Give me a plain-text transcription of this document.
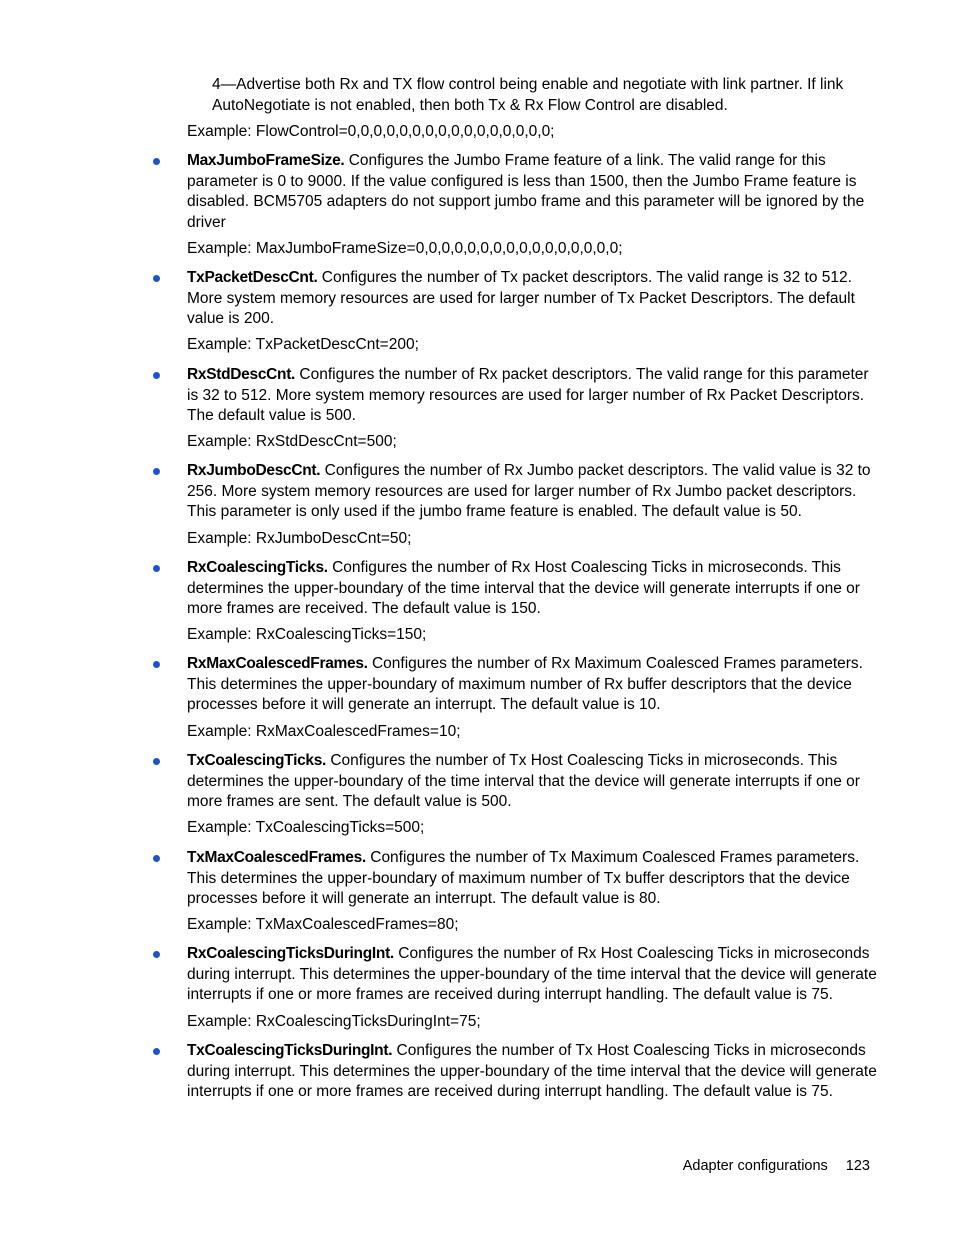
4—Advertise both Rx and TX flow control being enable and negotiate with link partner. If link AutoNegotiate is not enabled, then both Tx & Rx Flow Control are disabled.
Example: FlowControl=0,0,0,0,0,0,0,0,0,0,0,0,0,0,0,0;
MaxJumboFrameSize. Configures the Jumbo Frame feature of a link. The valid range for this parameter is 0 to 9000. If the value configured is less than 1500, then the Jumbo Frame feature is disabled. BCM5705 adapters do not support jumbo frame and this parameter will be ignored by the driver
Example: MaxJumboFrameSize=0,0,0,0,0,0,0,0,0,0,0,0,0,0,0,0;
TxPacketDescCnt. Configures the number of Tx packet descriptors. The valid range is 32 to 512. More system memory resources are used for larger number of Tx Packet Descriptors. The default value is 200.
Example: TxPacketDescCnt=200;
RxStdDescCnt. Configures the number of Rx packet descriptors. The valid range for this parameter is 32 to 512. More system memory resources are used for larger number of Rx Packet Descriptors. The default value is 500.
Example: RxStdDescCnt=500;
RxJumboDescCnt. Configures the number of Rx Jumbo packet descriptors. The valid value is 32 to 256. More system memory resources are used for larger number of Rx Jumbo packet descriptors. This parameter is only used if the jumbo frame feature is enabled. The default value is 50.
Example: RxJumboDescCnt=50;
RxCoalescingTicks. Configures the number of Rx Host Coalescing Ticks in microseconds. This determines the upper-boundary of the time interval that the device will generate interrupts if one or more frames are received. The default value is 150.
Example: RxCoalescingTicks=150;
RxMaxCoalescedFrames. Configures the number of Rx Maximum Coalesced Frames parameters. This determines the upper-boundary of maximum number of Rx buffer descriptors that the device processes before it will generate an interrupt. The default value is 10.
Example: RxMaxCoalescedFrames=10;
TxCoalescingTicks. Configures the number of Tx Host Coalescing Ticks in microseconds. This determines the upper-boundary of the time interval that the device will generate interrupts if one or more frames are sent. The default value is 500.
Example: TxCoalescingTicks=500;
TxMaxCoalescedFrames. Configures the number of Tx Maximum Coalesced Frames parameters. This determines the upper-boundary of maximum number of Tx buffer descriptors that the device processes before it will generate an interrupt. The default value is 80.
Example: TxMaxCoalescedFrames=80;
RxCoalescingTicksDuringInt. Configures the number of Rx Host Coalescing Ticks in microseconds during interrupt. This determines the upper-boundary of the time interval that the device will generate interrupts if one or more frames are received during interrupt handling. The default value is 75.
Example: RxCoalescingTicksDuringInt=75;
TxCoalescingTicksDuringInt. Configures the number of Tx Host Coalescing Ticks in microseconds during interrupt. This determines the upper-boundary of the time interval that the device will generate interrupts if one or more frames are received during interrupt handling. The default value is 75.
Adapter configurations 123
